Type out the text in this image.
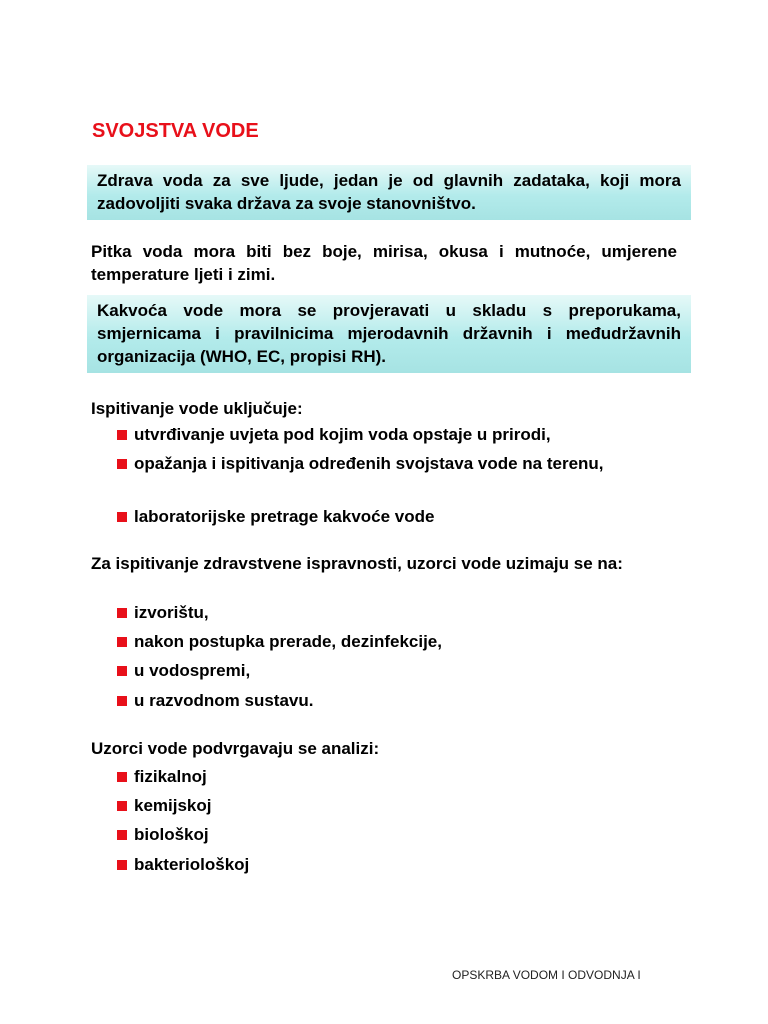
SVOJSTVA VODE
Zdrava voda za sve ljude, jedan je od glavnih zadataka, koji mora zadovoljiti svaka država za svoje stanovništvo.
Pitka voda mora biti bez boje, mirisa, okusa i mutnoće, umjerene temperature ljeti i zimi.
Kakvoća vode mora se provjeravati u skladu s preporukama, smjernicama i pravilnicima mjerodavnih državnih i međudržavnih organizacija (WHO, EC, propisi RH).
Ispitivanje vode uključuje:
utvrđivanje uvjeta pod kojim voda opstaje u prirodi,
opažanja i ispitivanja određenih svojstava vode na terenu,
laboratorijske pretrage kakvoće vode
Za ispitivanje zdravstvene ispravnosti, uzorci vode uzimaju se na:
izvorištu,
nakon postupka prerade, dezinfekcije,
u vodospremi,
u razvodnom sustavu.
Uzorci vode podvrgavaju se analizi:
fizikalnoj
kemijskoj
biološkoj
bakteriološkoj
OPSKRBA VODOM I ODVODNJA I
